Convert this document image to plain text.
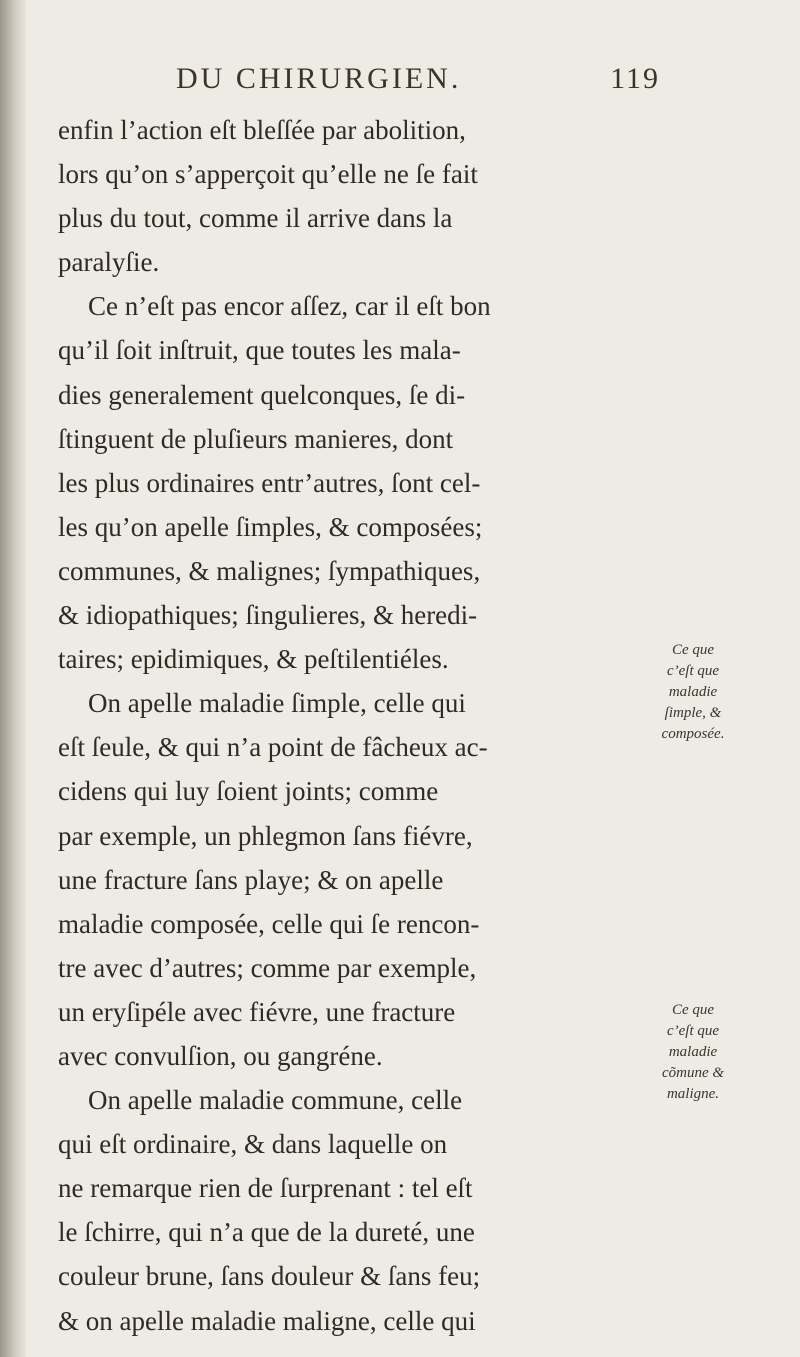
DU CHIRURGIEN.	119
enfin l’action eſt bleſſée par abolition,
lors qu’on s’apperçoit qu’elle ne ſe fait
plus du tout, comme il arrive dans la
paralyſie.
Ce n’eſt pas encor aſſez, car il eſt bon
qu’il ſoit inſtruit, que toutes les mala-
dies generalement quelconques, ſe di-
ſtinguent de pluſieurs manieres, dont
les plus ordinaires entr’autres, ſont cel-
les qu’on apelle ſimples, & composées;
communes, & malignes; ſympathiques,
& idiopathiques; ſingulieres, & heredi-
taires; epidimiques, & peſtilentiéles.
On apelle maladie ſimple, celle qui
eſt ſeule, & qui n’a point de fâcheux ac-
cidens qui luy ſoient joints; comme
par exemple, un phlegmon ſans fiévre,
une fracture ſans playe; & on apelle
maladie composée, celle qui ſe rencon-
tre avec d’autres; comme par exemple,
un eryſipéle avec fiévre, une fracture
avec convulſion, ou gangréne.
On apelle maladie commune, celle
qui eſt ordinaire, & dans laquelle on
ne remarque rien de ſurprenant : tel eſt
le ſchirre, qui n’a que de la dureté, une
couleur brune, ſans douleur & ſans feu;
& on apelle maladie maligne, celle qui
Ce que
c’eſt que
maladie
ſimple, &
composée.
Ce que
c’eſt que
maladie
cõmune &
maligne.
